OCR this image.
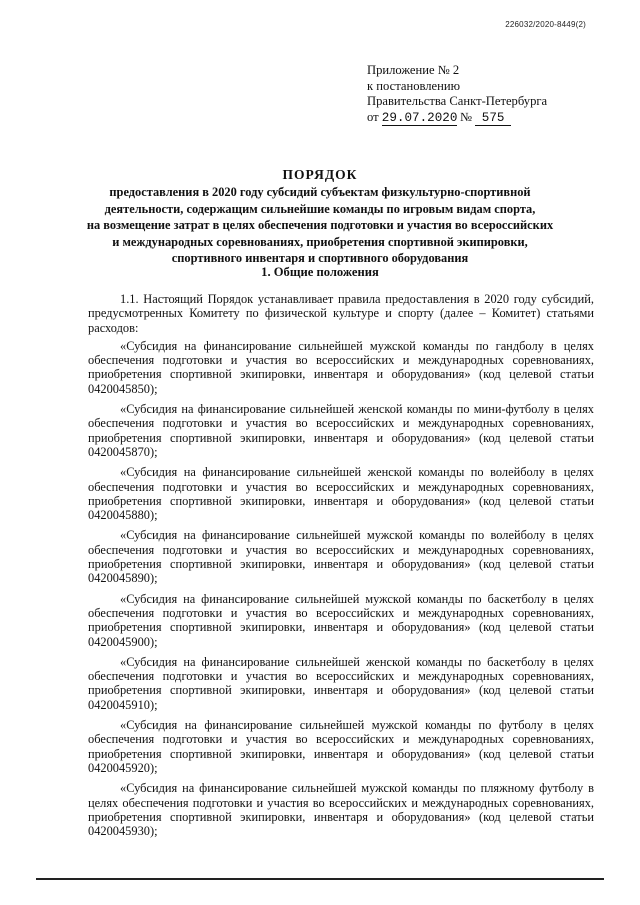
226032/2020-8449(2)
Приложение № 2
к постановлению
Правительства Санкт-Петербурга
от 29.07.2020 № 575
ПОРЯДОК
предоставления в 2020 году субсидий субъектам физкультурно-спортивной
деятельности, содержащим сильнейшие команды по игровым видам спорта,
на возмещение затрат в целях обеспечения подготовки и участия во всероссийских
и международных соревнованиях, приобретения спортивной экипировки,
спортивного инвентаря и спортивного оборудования
1. Общие положения

1.1. Настоящий Порядок устанавливает правила предоставления в 2020 году субсидий, предусмотренных Комитету по физической культуре и спорту (далее – Комитет) статьями расходов:

«Субсидия на финансирование сильнейшей мужской команды по гандболу в целях обеспечения подготовки и участия во всероссийских и международных соревнованиях, приобретения спортивной экипировки, инвентаря и оборудования» (код целевой статьи 0420045850);

«Субсидия на финансирование сильнейшей женской команды по мини-футболу в целях обеспечения подготовки и участия во всероссийских и международных соревнованиях, приобретения спортивной экипировки, инвентаря и оборудования» (код целевой статьи 0420045870);

«Субсидия на финансирование сильнейшей женской команды по волейболу в целях обеспечения подготовки и участия во всероссийских и международных соревнованиях, приобретения спортивной экипировки, инвентаря и оборудования» (код целевой статьи 0420045880);

«Субсидия на финансирование сильнейшей мужской команды по волейболу в целях обеспечения подготовки и участия во всероссийских и международных соревнованиях, приобретения спортивной экипировки, инвентаря и оборудования» (код целевой статьи 0420045890);

«Субсидия на финансирование сильнейшей мужской команды по баскетболу в целях обеспечения подготовки и участия во всероссийских и международных соревнованиях, приобретения спортивной экипировки, инвентаря и оборудования» (код целевой статьи 0420045900);

«Субсидия на финансирование сильнейшей женской команды по баскетболу в целях обеспечения подготовки и участия во всероссийских и международных соревнованиях, приобретения спортивной экипировки, инвентаря и оборудования» (код целевой статьи 0420045910);

«Субсидия на финансирование сильнейшей мужской команды по футболу в целях обеспечения подготовки и участия во всероссийских и международных соревнованиях, приобретения спортивной экипировки, инвентаря и оборудования» (код целевой статьи 0420045920);

«Субсидия на финансирование сильнейшей мужской команды по пляжному футболу в целях обеспечения подготовки и участия во всероссийских и международных соревнованиях, приобретения спортивной экипировки, инвентаря и оборудования» (код целевой статьи 0420045930);
